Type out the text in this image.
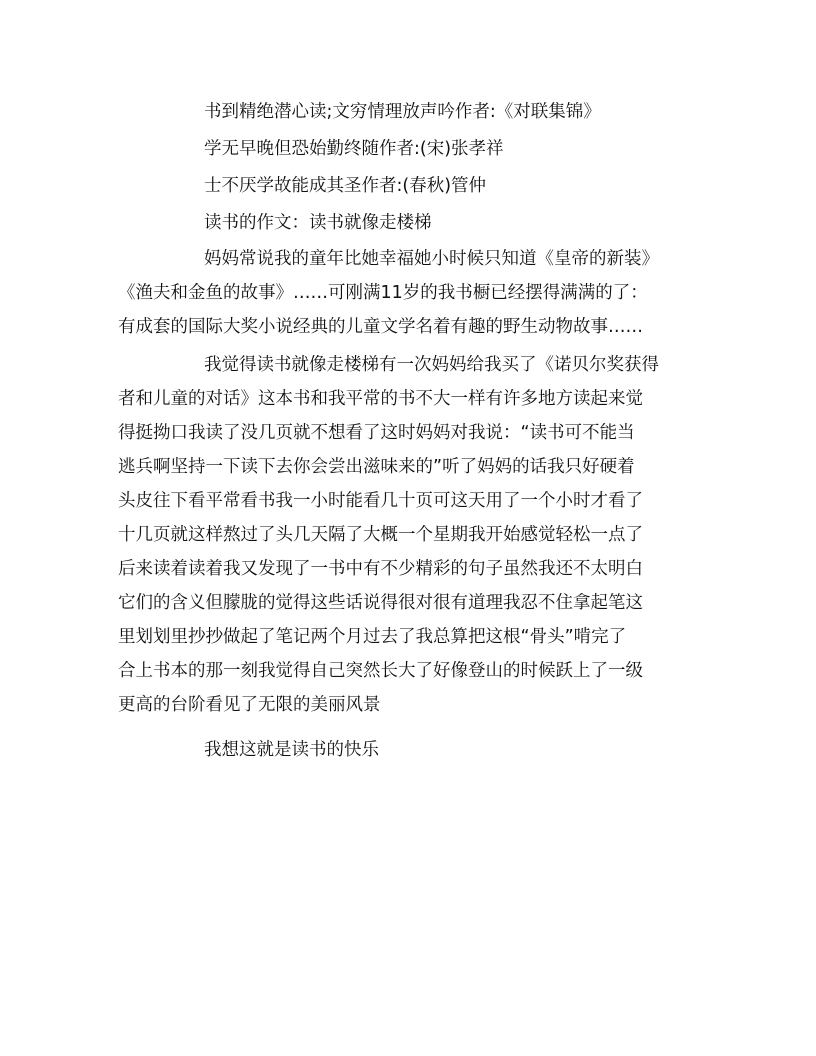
书到精绝潜心读;文穷情理放声吟作者:《对联集锦》
学无早晚但恐始勤终随作者:(宋)张孝祥
士不厌学故能成其圣作者:(春秋)管仲
读书的作文：读书就像走楼梯
妈妈常说我的童年比她幸福她小时候只知道《皇帝的新装》
《渔夫和金鱼的故事》……可刚满11岁的我书橱已经摆得满满的了：
有成套的国际大奖小说经典的儿童文学名着有趣的野生动物故事……
我觉得读书就像走楼梯有一次妈妈给我买了《诺贝尔奖获得
者和儿童的对话》这本书和我平常的书不大一样有许多地方读起来觉
得挺拗口我读了没几页就不想看了这时妈妈对我说：“读书可不能当
逃兵啊坚持一下读下去你会尝出滋味来的”听了妈妈的话我只好硬着
头皮往下看平常看书我一小时能看几十页可这天用了一个小时才看了
十几页就这样熬过了头几天隔了大概一个星期我开始感觉轻松一点了
后来读着读着我又发现了一书中有不少精彩的句子虽然我还不太明白
它们的含义但朦胧的觉得这些话说得很对很有道理我忍不住拿起笔这
里划划里抄抄做起了笔记两个月过去了我总算把这根“骨头”啃完了
合上书本的那一刻我觉得自己突然长大了好像登山的时候跃上了一级
更高的台阶看见了无限的美丽风景
我想这就是读书的快乐
